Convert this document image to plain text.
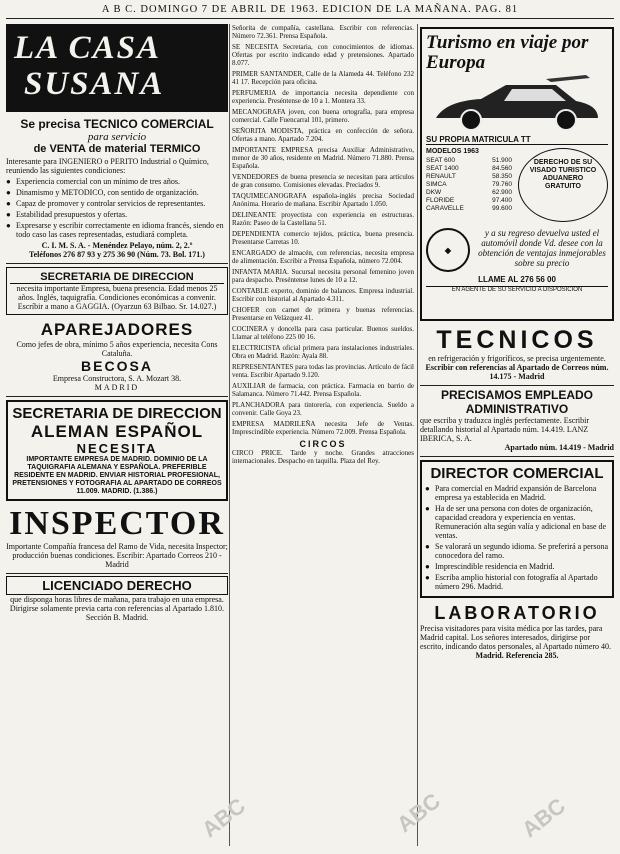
A B C. DOMINGO 7 DE ABRIL DE 1963. EDICION DE LA MAÑANA. PAG. 81
LA CASA
SUSANA
Se precisa TECNICO COMERCIAL
para servicio
de VENTA de material TERMICO
Interesante para INGENIERO o PERITO Industrial o Químico, reuniendo las siguientes condiciones:
● Experiencia comercial con un mínimo de tres años.
● Dinamismo y METODICO, con sentido de organización.
● Capaz de promover y controlar servicios de representantes.
● Estabilidad presupuestos y ofertas.
● Expresarse y escribir correctamente en idioma francés, siendo en todo caso las cases representadas, estudiará completa.
C. I. M. S. A. - Menéndez Pelayo, núm. 2, 2.º
Teléfonos 276 87 93 y 275 36 90 (Núm. 73. Bol. 171.)
SECRETARIA DE DIRECCION
necesita importante Empresa, buena presencia. Edad menos 25 años. Inglés, taquigrafía. Condiciones económicas a convenir. Escríbir a mano a GAGGIA. (Oyarzun 63 Bilbao. Sr. 14.027.)
APAREJADORES
Como jefes de obra, mínimo 5 años experiencia, necesita Cons Cataluña.
BECOSA
Empresa Constructora, S. A. Mozart 38.
MADRID
SECRETARIA DE DIRECCION
ALEMAN ESPAÑOL
NECESITA
IMPORTANTE EMPRESA DE MADRID. DOMINIO DE LA TAQUIGRAFIA ALEMANA Y ESPAÑOLA. PREFERIBLE RESIDENTE EN MADRID. ENVIAR HISTORIAL PROFESIONAL, PRETENSIONES Y FOTOGRAFIA AL APARTADO DE CORREOS 11.009. MADRID. (1.386.)
INSPECTOR
Importante Compañía francesa del Ramo de Vida, necesita Inspector; producción buenas condiciones. Escribir: Apartado Correos 210 - Madrid
LICENCIADO DERECHO
que disponga horas libres de mañana, para trabajo en una empresa. Dirigirse solamente previa carta con referencias al Apartado 1.810. Sección B. Madrid.
Señorita de compañía, castellana. Escribir con referencias. Número 72.361. Prensa Española.
SE NECESITA Secretaria, con conocimientos de idiomas. Ofertas por escrito indicando edad y pretensiones. Apartado 8.077.
PRIMER SANTANDER, Calle de la Alameda 44. Teléfono 232 41 17. Recepción para oficina.
PERFUMERIA de importancia necesita dependiente con experiencia. Preséntense de 10 a 1. Montera 33.
MECANOGRAFA joven, con buena ortografía, para empresa comercial. Calle Fuencarral 101, primero.
SEÑORITA MODISTA, práctica en confección de señora. Ofertas a mano. Apartado 7.204.
IMPORTANTE EMPRESA precisa Auxiliar Administrativo, menor de 30 años, residente en Madrid. Número 71.880. Prensa Española.
VENDEDORES de buena presencia se necesitan para artículos de gran consumo. Comisiones elevadas. Preciados 9.
TAQUIMECANOGRAFA española-inglés precisa Sociedad Anónima. Horario de mañana. Escribir Apartado 1.050.
DELINEANTE proyectista con experiencia en estructuras. Razón: Paseo de la Castellana 51.
DEPENDIENTA comercio tejidos, práctica, buena presencia. Presentarse Carretas 10.
ENCARGADO de almacén, con referencias, necesita empresa de alimentación. Escribir a Prensa Española, número 72.004.
INFANTA MARIA. Sucursal necesita personal femenino joven para despacho. Preséntense lunes de 10 a 12.
CONTABLE experto, dominio de balances. Empresa industrial. Escribir con historial al Apartado 4.311.
CHOFER con carnet de primera y buenas referencias. Presentarse en Velázquez 41.
COCINERA y doncella para casa particular. Buenos sueldos. Llamar al teléfono 225 00 16.
ELECTRICISTA oficial primera para instalaciones industriales. Obra en Madrid. Razón: Ayala 88.
REPRESENTANTES para todas las provincias. Artículo de fácil venta. Escribir Apartado 9.120.
AUXILIAR de farmacia, con práctica. Farmacia en barrio de Salamanca. Número 71.442. Prensa Española.
PLANCHADORA para tintorería, con experiencia. Sueldo a convenir. Calle Goya 23.
EMPRESA MADRILEÑA necesita Jefe de Ventas. Imprescindible experiencia. Número 72.009. Prensa Española.
CIRCOS
CIRCO PRICE. Tarde y noche. Grandes atracciones internacionales. Despacho en taquilla. Plaza del Rey.
Turismo en viaje por Europa
SU PROPIA MATRICULA TT
MODELOS 1963
SEAT 600	51.900
SEAT 1400	84.560
RENAULT	58.350
SIMCA	79.760
DKW	62.900
FLORIDE	97.400
CARAVELLE	99.600
DERECHO DE SU VISADO TURISTICO ADUANERO GRATUITO
◆
y a su regreso devuelva usted el automóvil donde Vd. desee con la obtención de ventajas inmejorables sobre su precio
LLAME AL 276 56 00
EN AGENTE DE SU SERVICIO A DISPOSICION
TECNICOS
en refrigeración y frigoríficos, se precisa urgentemente.
Escribir con referencias al Apartado de Correos núm. 14.175 - Madrid
PRECISAMOS EMPLEADO
ADMINISTRATIVO
que escriba y traduzca inglés perfectamente. Escribir detallando historial al Apartado núm. 14.419. LANZ IBERICA, S. A.
Apartado núm. 14.419 - Madrid
DIRECTOR COMERCIAL
● Para comercial en Madrid expansión de Barcelona empresa ya establecida en Madrid.
● Ha de ser una persona con dotes de organización, capacidad creadora y experiencia en ventas. Remuneración alta según valía y adicional en base de ventas.
● Se valorará un segundo idioma. Se preferirá a persona conocedora del ramo.
● Imprescindible residencia en Madrid.
● Escriba amplio historial con fotografía al Apartado número 296. Madrid.
LABORATORIO
Precisa visitadores para visita médica por las tardes, para Madrid capital. Los señores interesados, dirigirse por escrito, indicando datos personales, al Apartado número 40.
Madrid. Referencia 285.
ABC	ABC	ABC
